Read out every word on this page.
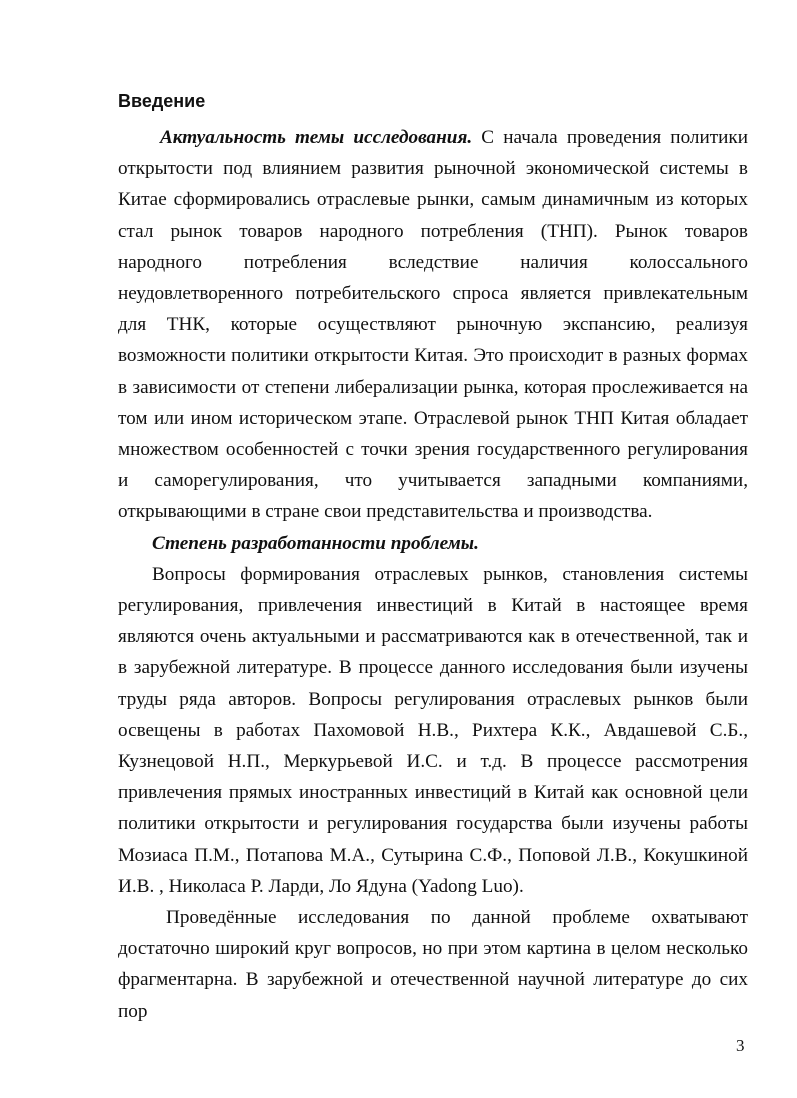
Введение

Актуальность темы исследования. С начала проведения политики открытости под влиянием развития рыночной экономической системы в Китае сформировались отраслевые рынки, самым динамичным из которых стал рынок товаров народного потребления (ТНП). Рынок товаров народного потребления вследствие наличия колоссального неудовлетворенного потребительского спроса является привлекательным для ТНК, которые осуществляют рыночную экспансию, реализуя возможности политики открытости Китая. Это происходит в разных формах в зависимости от степени либерализации рынка, которая прослеживается на том или ином историческом этапе. Отраслевой рынок ТНП Китая обладает множеством особенностей с точки зрения государственного регулирования и саморегулирования, что учитывается западными компаниями, открывающими в стране свои представительства и производства.

Степень разработанности проблемы.

Вопросы формирования отраслевых рынков, становления системы регулирования, привлечения инвестиций в Китай в настоящее время являются очень актуальными и рассматриваются как в отечественной, так и в зарубежной литературе. В процессе данного исследования были изучены труды ряда авторов. Вопросы регулирования отраслевых рынков были освещены в работах Пахомовой Н.В., Рихтера К.К., Авдашевой С.Б., Кузнецовой Н.П., Меркурьевой И.С. и т.д. В процессе рассмотрения привлечения прямых иностранных инвестиций в Китай как основной цели политики открытости и регулирования государства были изучены работы Мозиаса П.М., Потапова М.А., Сутырина С.Ф., Поповой Л.В., Кокушкиной И.В. , Николаса Р. Ларди, Ло Ядуна (Yadong Luo).

Проведённые исследования по данной проблеме охватывают достаточно широкий круг вопросов, но при этом картина в целом несколько фрагментарна. В зарубежной и отечественной научной литературе до сих пор

3
